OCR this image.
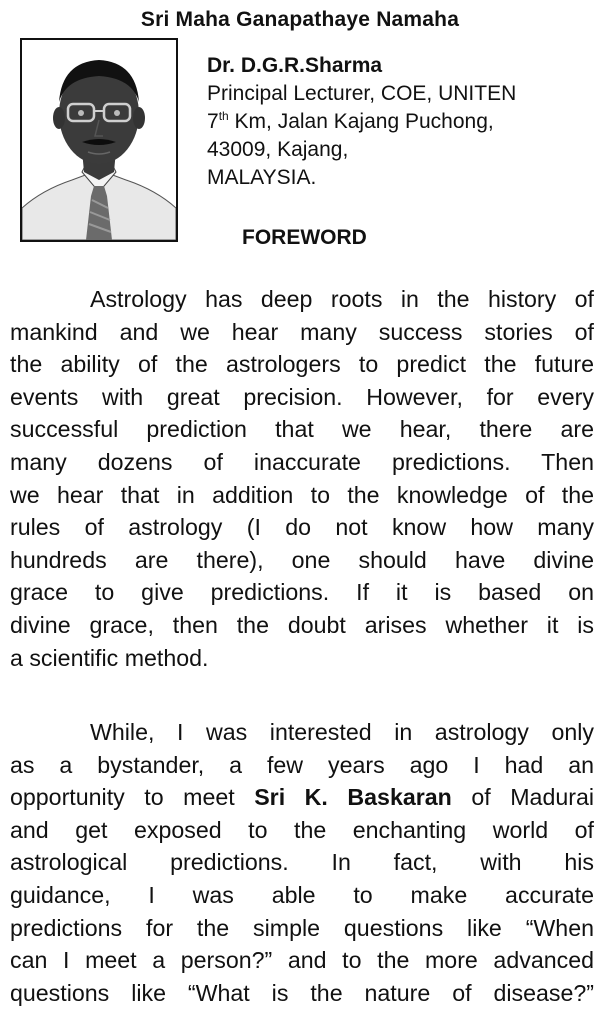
Sri Maha Ganapathaye Namaha
Dr. D.G.R.Sharma
Principal Lecturer, COE, UNITEN
7th Km, Jalan Kajang Puchong,
43009, Kajang,
MALAYSIA.
FOREWORD
Astrology has deep roots in the history of
mankind and we hear many success stories of
the ability of the astrologers to predict the future
events with great precision. However, for every
successful prediction that we hear, there are
many dozens of inaccurate predictions. Then
we hear that in addition to the knowledge of the
rules of astrology (I do not know how many
hundreds are there), one should have divine
grace to give predictions. If it is based on
divine grace, then the doubt arises whether it is
a scientific method.
While, I was interested in astrology only
as a bystander, a few years ago I had an
opportunity to meet Sri K. Baskaran of Madurai
and get exposed to the enchanting world of
astrological predictions. In fact, with his
guidance, I was able to make accurate
predictions for the simple questions like “When
can I meet a person?” and to the more advanced
questions like “What is the nature of disease?”
